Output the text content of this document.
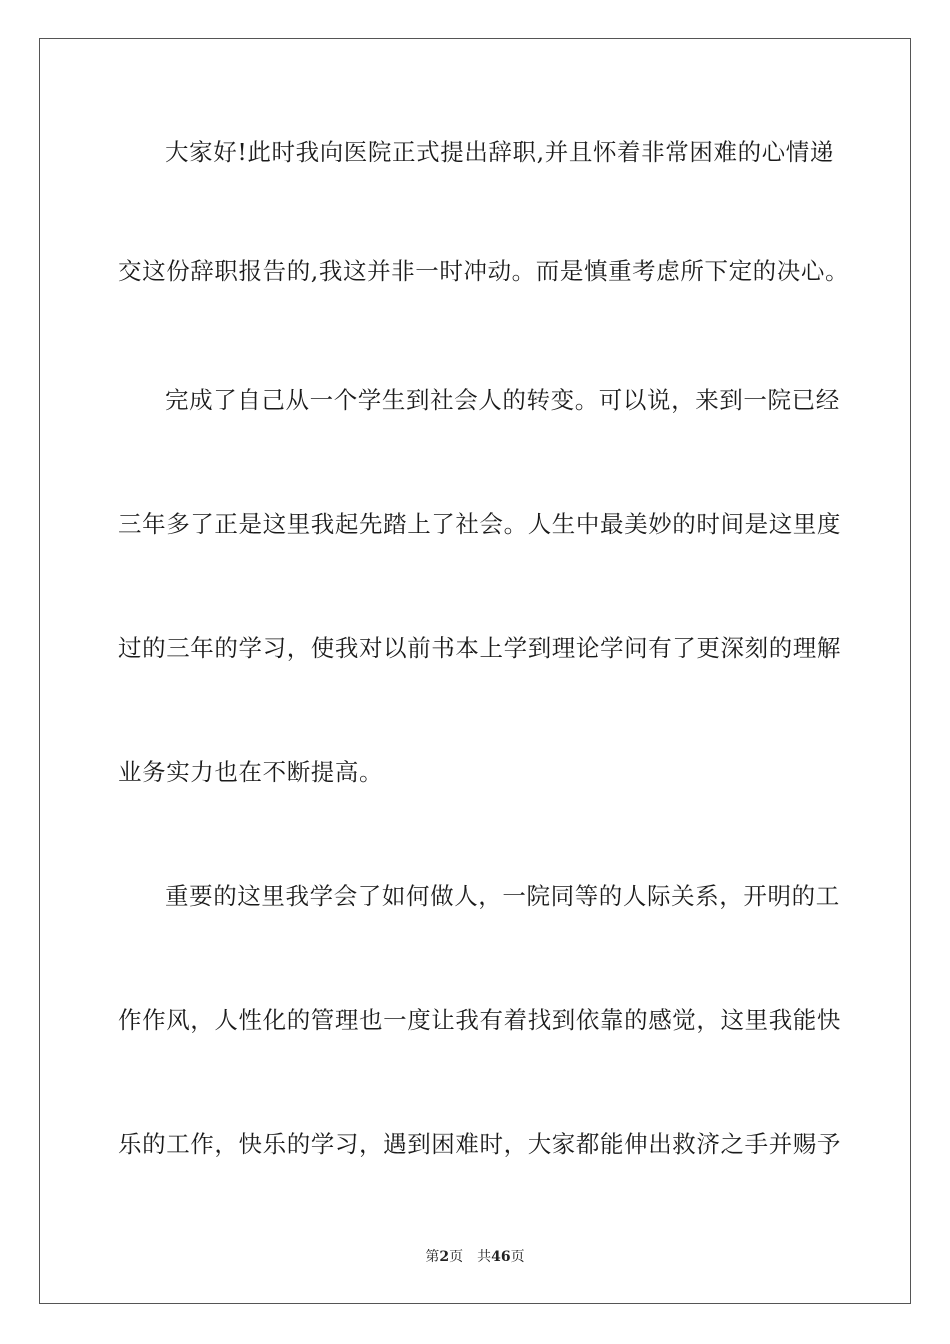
大家好!此时我向医院正式提出辞职,并且怀着非常困难的心情递
交这份辞职报告的,我这并非一时冲动。而是慎重考虑所下定的决心。
完成了自己从一个学生到社会人的转变。可以说，来到一院已经
三年多了正是这里我起先踏上了社会。人生中最美妙的时间是这里度
过的三年的学习，使我对以前书本上学到理论学问有了更深刻的理解
业务实力也在不断提高。
重要的这里我学会了如何做人，一院同等的人际关系，开明的工
作作风，人性化的管理也一度让我有着找到依靠的感觉，这里我能快
乐的工作，快乐的学习，遇到困难时，大家都能伸出救济之手并赐予
第2页 共46页
